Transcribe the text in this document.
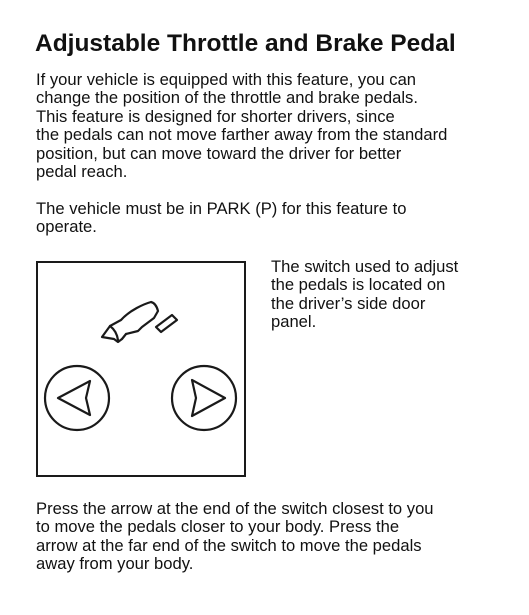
Adjustable Throttle and Brake Pedal

If your vehicle is equipped with this feature, you can
change the position of the throttle and brake pedals.
This feature is designed for shorter drivers, since
the pedals can not move farther away from the standard
position, but can move toward the driver for better
pedal reach.

The vehicle must be in PARK (P) for this feature to
operate.

The switch used to adjust
the pedals is located on
the driver’s side door
panel.

Press the arrow at the end of the switch closest to you
to move the pedals closer to your body. Press the
arrow at the far end of the switch to move the pedals
away from your body.
